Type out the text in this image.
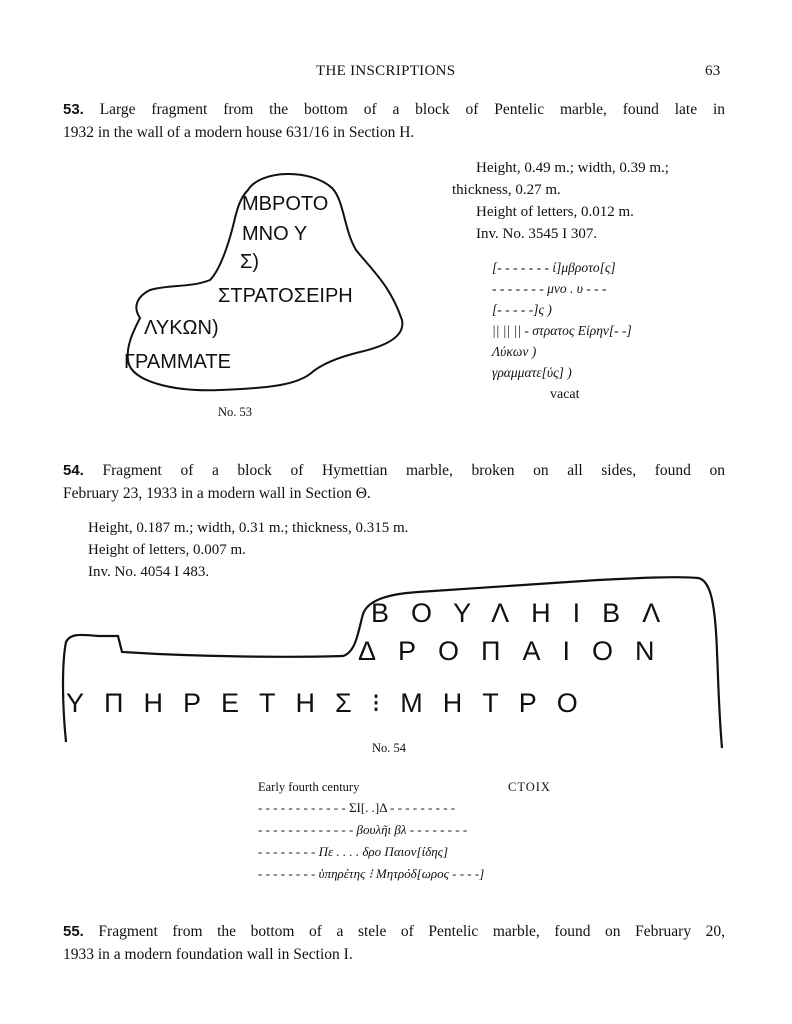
THE INSCRIPTIONS	63
53. Large fragment from the bottom of a block of Pentelic marble, found late in
1932 in the wall of a modern house 631/16 in Section H.
Height, 0.49 m.; width, 0.39 m.;
thickness, 0.27 m.
Height of letters, 0.012 m.
Inv. No. 3545 I 307.
ΜΒΡΟΤΟ
ΜΝΟ Υ
Σ)
ΣΤΡΑΤΟΣΕΙΡΗ
ΛΥΚΩΝ)
ΓΡΑΜΜΑΤΕ
No. 53
[- - - - - - - ί]μβροτο[ς]
- - - - - - - μνο . υ - - -
[- - - - -]ς )
|| || || - στρατος Εἰρην[- -]
Λύκων )
γραμματε[ύς] )
vacat
54. Fragment of a block of Hymettian marble, broken on all sides, found on
February 23, 1933 in a modern wall in Section Θ.
Height, 0.187 m.; width, 0.31 m.; thickness, 0.315 m.
Height of letters, 0.007 m.
Inv. No. 4054 I 483.
ΒΟΥΛΗΙΒΛ
ΔΡΟΠΑΙΟΝ
ΥΠΗΡΕΤΗΣ⁝ΜΗΤΡΟ
No. 54
Early fourth century	CTOIX
- - - - - - - - - - - - ΣΙ[. .]Δ - - - - - - - - -
- - - - - - - - - - - - - βουλῆι βλ - - - - - - - -
- - - - - - - - Πε . . . . δρο Παιον[ίδης]
- - - - - - - - ὑπηρέτης ⁝ Μητρόδ[ωρος - - - -]
55. Fragment from the bottom of a stele of Pentelic marble, found on February 20,
1933 in a modern foundation wall in Section I.
